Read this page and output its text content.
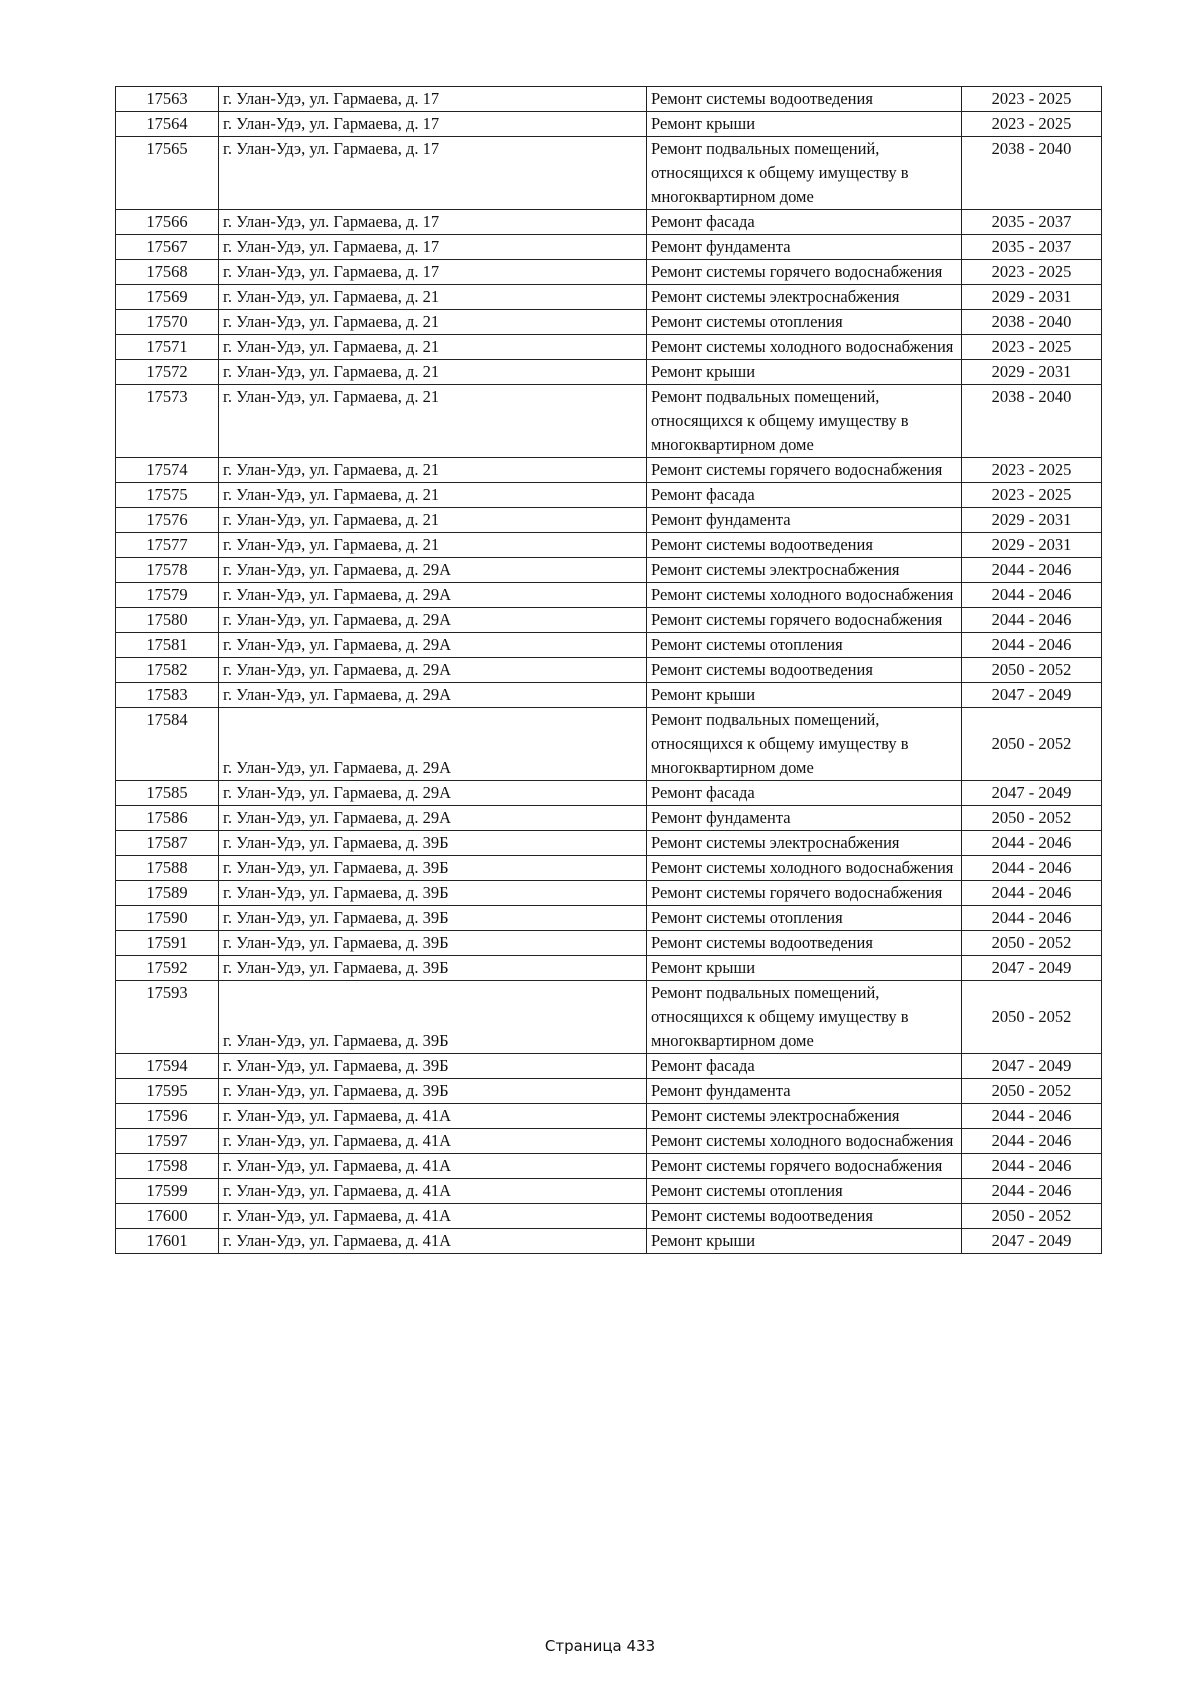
17563	г. Улан-Удэ, ул. Гармаева, д. 17	Ремонт системы водоотведения	2023 - 2025
17564	г. Улан-Удэ, ул. Гармаева, д. 17	Ремонт крыши	2023 - 2025
17565	г. Улан-Удэ, ул. Гармаева, д. 17	Ремонт подвальных помещений, относящихся к общему имуществу в многоквартирном доме	2038 - 2040
17566	г. Улан-Удэ, ул. Гармаева, д. 17	Ремонт фасада	2035 - 2037
17567	г. Улан-Удэ, ул. Гармаева, д. 17	Ремонт фундамента	2035 - 2037
17568	г. Улан-Удэ, ул. Гармаева, д. 17	Ремонт системы горячего водоснабжения	2023 - 2025
17569	г. Улан-Удэ, ул. Гармаева, д. 21	Ремонт системы электроснабжения	2029 - 2031
17570	г. Улан-Удэ, ул. Гармаева, д. 21	Ремонт системы отопления	2038 - 2040
17571	г. Улан-Удэ, ул. Гармаева, д. 21	Ремонт системы холодного водоснабжения	2023 - 2025
17572	г. Улан-Удэ, ул. Гармаева, д. 21	Ремонт крыши	2029 - 2031
17573	г. Улан-Удэ, ул. Гармаева, д. 21	Ремонт подвальных помещений, относящихся к общему имуществу в многоквартирном доме	2038 - 2040
17574	г. Улан-Удэ, ул. Гармаева, д. 21	Ремонт системы горячего водоснабжения	2023 - 2025
17575	г. Улан-Удэ, ул. Гармаева, д. 21	Ремонт фасада	2023 - 2025
17576	г. Улан-Удэ, ул. Гармаева, д. 21	Ремонт фундамента	2029 - 2031
17577	г. Улан-Удэ, ул. Гармаева, д. 21	Ремонт системы водоотведения	2029 - 2031
17578	г. Улан-Удэ, ул. Гармаева, д. 29А	Ремонт системы электроснабжения	2044 - 2046
17579	г. Улан-Удэ, ул. Гармаева, д. 29А	Ремонт системы холодного водоснабжения	2044 - 2046
17580	г. Улан-Удэ, ул. Гармаева, д. 29А	Ремонт системы горячего водоснабжения	2044 - 2046
17581	г. Улан-Удэ, ул. Гармаева, д. 29А	Ремонт системы отопления	2044 - 2046
17582	г. Улан-Удэ, ул. Гармаева, д. 29А	Ремонт системы водоотведения	2050 - 2052
17583	г. Улан-Удэ, ул. Гармаева, д. 29А	Ремонт крыши	2047 - 2049
17584	г. Улан-Удэ, ул. Гармаева, д. 29А	Ремонт подвальных помещений, относящихся к общему имуществу в многоквартирном доме	2050 - 2052
17585	г. Улан-Удэ, ул. Гармаева, д. 29А	Ремонт фасада	2047 - 2049
17586	г. Улан-Удэ, ул. Гармаева, д. 29А	Ремонт фундамента	2050 - 2052
17587	г. Улан-Удэ, ул. Гармаева, д. 39Б	Ремонт системы электроснабжения	2044 - 2046
17588	г. Улан-Удэ, ул. Гармаева, д. 39Б	Ремонт системы холодного водоснабжения	2044 - 2046
17589	г. Улан-Удэ, ул. Гармаева, д. 39Б	Ремонт системы горячего водоснабжения	2044 - 2046
17590	г. Улан-Удэ, ул. Гармаева, д. 39Б	Ремонт системы отопления	2044 - 2046
17591	г. Улан-Удэ, ул. Гармаева, д. 39Б	Ремонт системы водоотведения	2050 - 2052
17592	г. Улан-Удэ, ул. Гармаева, д. 39Б	Ремонт крыши	2047 - 2049
17593	г. Улан-Удэ, ул. Гармаева, д. 39Б	Ремонт подвальных помещений, относящихся к общему имуществу в многоквартирном доме	2050 - 2052
17594	г. Улан-Удэ, ул. Гармаева, д. 39Б	Ремонт фасада	2047 - 2049
17595	г. Улан-Удэ, ул. Гармаева, д. 39Б	Ремонт фундамента	2050 - 2052
17596	г. Улан-Удэ, ул. Гармаева, д. 41А	Ремонт системы электроснабжения	2044 - 2046
17597	г. Улан-Удэ, ул. Гармаева, д. 41А	Ремонт системы холодного водоснабжения	2044 - 2046
17598	г. Улан-Удэ, ул. Гармаева, д. 41А	Ремонт системы горячего водоснабжения	2044 - 2046
17599	г. Улан-Удэ, ул. Гармаева, д. 41А	Ремонт системы отопления	2044 - 2046
17600	г. Улан-Удэ, ул. Гармаева, д. 41А	Ремонт системы водоотведения	2050 - 2052
17601	г. Улан-Удэ, ул. Гармаева, д. 41А	Ремонт крыши	2047 - 2049
Страница 433
